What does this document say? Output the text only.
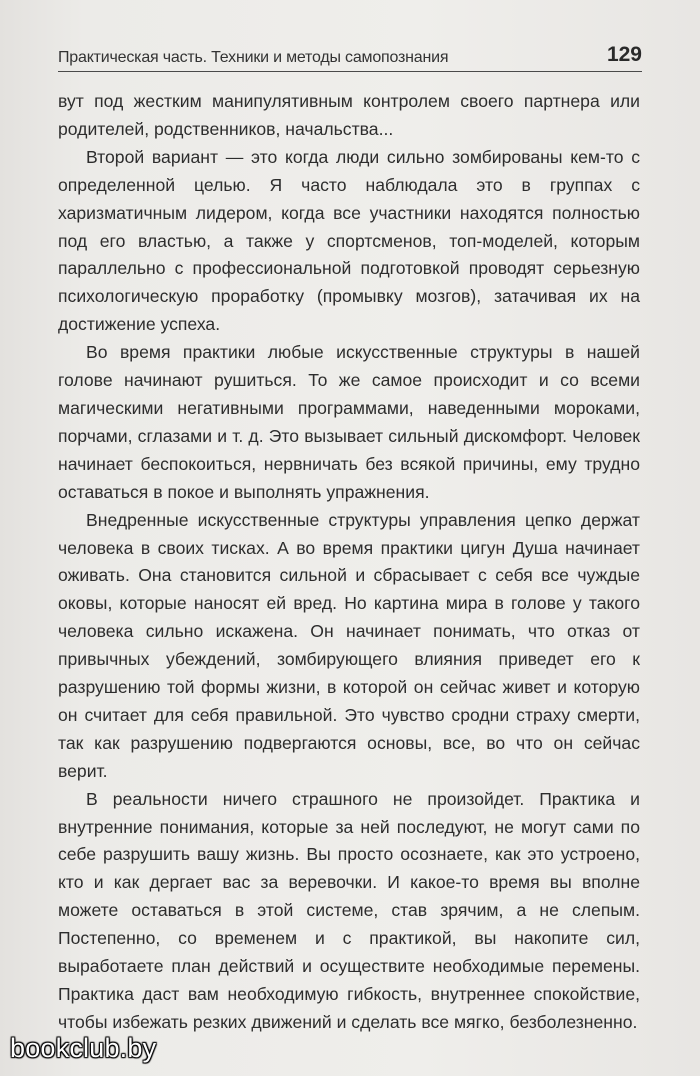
Практическая часть. Техники и методы самопознания	129

вут под жестким манипулятивным контролем своего партнера или родителей, родственников, начальства...

Второй вариант — это когда люди сильно зомбированы кем-то с определенной целью. Я часто наблюдала это в группах с харизматичным лидером, когда все участники находятся полностью под его властью, а также у спортсменов, топ-моделей, которым параллельно с профессиональной подготовкой проводят серьезную психологическую проработку (промывку мозгов), затачивая их на достижение успеха.

Во время практики любые искусственные структуры в нашей голове начинают рушиться. То же самое происходит и со всеми магическими негативными программами, наведенными мороками, порчами, сглазами и т. д. Это вызывает сильный дискомфорт. Человек начинает беспокоиться, нервничать без всякой причины, ему трудно оставаться в покое и выполнять упражнения.

Внедренные искусственные структуры управления цепко держат человека в своих тисках. А во время практики цигун Душа начинает оживать. Она становится сильной и сбрасывает с себя все чуждые оковы, которые наносят ей вред. Но картина мира в голове у такого человека сильно искажена. Он начинает понимать, что отказ от привычных убеждений, зомбирующего влияния приведет его к разрушению той формы жизни, в которой он сейчас живет и которую он считает для себя правильной. Это чувство сродни страху смерти, так как разрушению подвергаются основы, все, во что он сейчас верит.

В реальности ничего страшного не произойдет. Практика и внутренние понимания, которые за ней последуют, не могут сами по себе разрушить вашу жизнь. Вы просто осознаете, как это устроено, кто и как дергает вас за веревочки. И какое-то время вы вполне можете оставаться в этой системе, став зрячим, а не слепым. Постепенно, со временем и с практикой, вы накопите сил, выработаете план действий и осуществите необходимые перемены. Практика даст вам необходимую гибкость, внутреннее спокойствие, чтобы избежать резких движений и сделать все мягко, безболезненно.

bookclub.by
